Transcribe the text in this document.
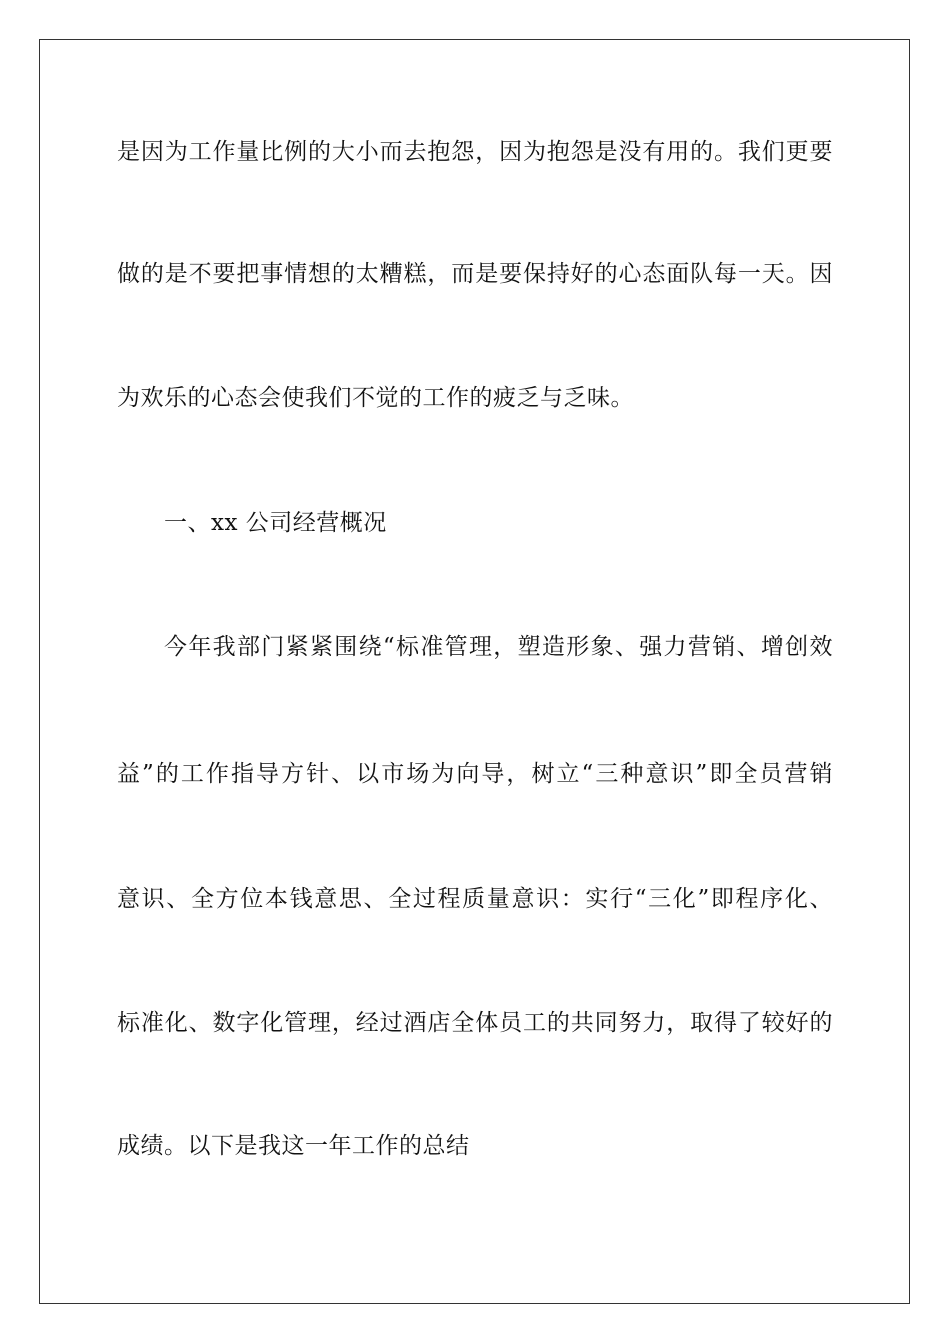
是因为工作量比例的大小而去抱怨，因为抱怨是没有用的。我们更要
做的是不要把事情想的太糟糕，而是要保持好的心态面队每一天。因
为欢乐的心态会使我们不觉的工作的疲乏与乏味。
一、xx 公司经营概况
今年我部门紧紧围绕“标准管理，塑造形象、强力营销、增创效
益”的工作指导方针、以市场为向导，树立“三种意识”即全员营销
意识、全方位本钱意思、全过程质量意识：实行“三化”即程序化、
标准化、数字化管理，经过酒店全体员工的共同努力，取得了较好的
成绩。以下是我这一年工作的总结
